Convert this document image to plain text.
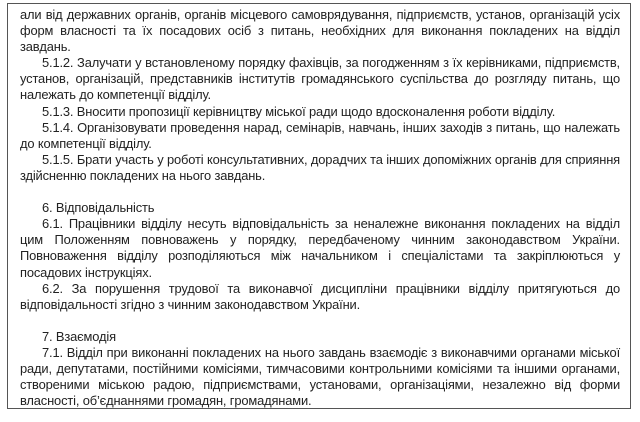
али від державних органів, органів місцевого самоврядування, підприємств, установ, організацій усіх форм власності та їх посадових осіб з питань, необхідних для виконання покладених на відділ завдань.

5.1.2. Залучати у встановленому порядку фахівців, за погодженням з їх керівниками, підприємств, установ, організацій, представників інститутів громадянського суспільства до розгляду питань, що належать до компетенції відділу.

5.1.3. Вносити пропозиції керівництву міської ради щодо вдосконалення роботи відділу.

5.1.4. Організовувати проведення нарад, семінарів, навчань, інших заходів з питань, що належать до компетенції відділу.

5.1.5. Брати участь у роботі консультативних, дорадчих та інших допоміжних органів для сприяння здійсненню покладених на нього завдань.

6. Відповідальність

6.1. Працівники відділу несуть відповідальність за неналежне виконання покладених на відділ цим Положенням повноважень у порядку, передбаченому чинним законодавством України. Повноваження відділу розподіляються між начальником і спеціалістами та закріплюються у посадових інструкціях.

6.2. За порушення трудової та виконавчої дисципліни працівники відділу притягуються до відповідальності згідно з чинним законодавством України.

7. Взаємодія

7.1. Відділ при виконанні покладених на нього завдань взаємодіє з виконавчими органами міської ради, депутатами, постійними комісіями, тимчасовими контрольними комісіями та іншими органами, створеними міською радою, підприємствами, установами, організаціями, незалежно від форми власності, об’єднаннями громадян, громадянами.
